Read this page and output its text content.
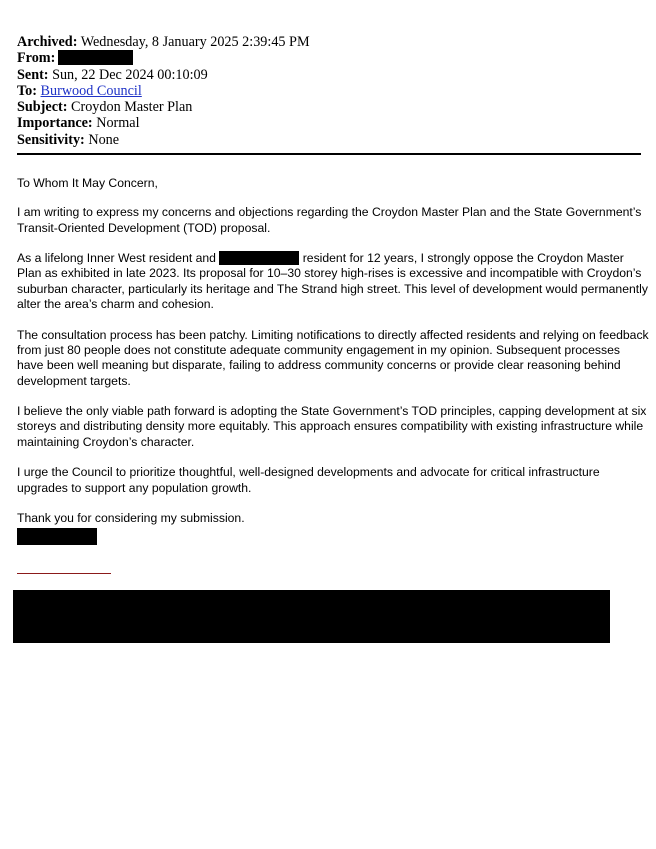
Archived: Wednesday, 8 January 2025 2:39:45 PM
From:
Sent: Sun, 22 Dec 2024 00:10:09
To: Burwood Council
Subject: Croydon Master Plan
Importance: Normal
Sensitivity: None

To Whom It May Concern,

I am writing to express my concerns and objections regarding the Croydon Master Plan and the State Government’s Transit-Oriented Development (TOD) proposal.

As a lifelong Inner West resident and	resident for 12 years, I strongly oppose the Croydon Master Plan as exhibited in late 2023. Its proposal for 10–30 storey high-rises is excessive and incompatible with Croydon’s suburban character, particularly its heritage and The Strand high street. This level of development would permanently alter the area’s charm and cohesion.

The consultation process has been patchy. Limiting notifications to directly affected residents and relying on feedback from just 80 people does not constitute adequate community engagement in my opinion. Subsequent processes have been well meaning but disparate, failing to address community concerns or provide clear reasoning behind development targets.

I believe the only viable path forward is adopting the State Government’s TOD principles, capping development at six storeys and distributing density more equitably. This approach ensures compatibility with existing infrastructure while maintaining Croydon’s character.

I urge the Council to prioritize thoughtful, well-designed developments and advocate for critical infrastructure upgrades to support any population growth.

Thank you for considering my submission.
